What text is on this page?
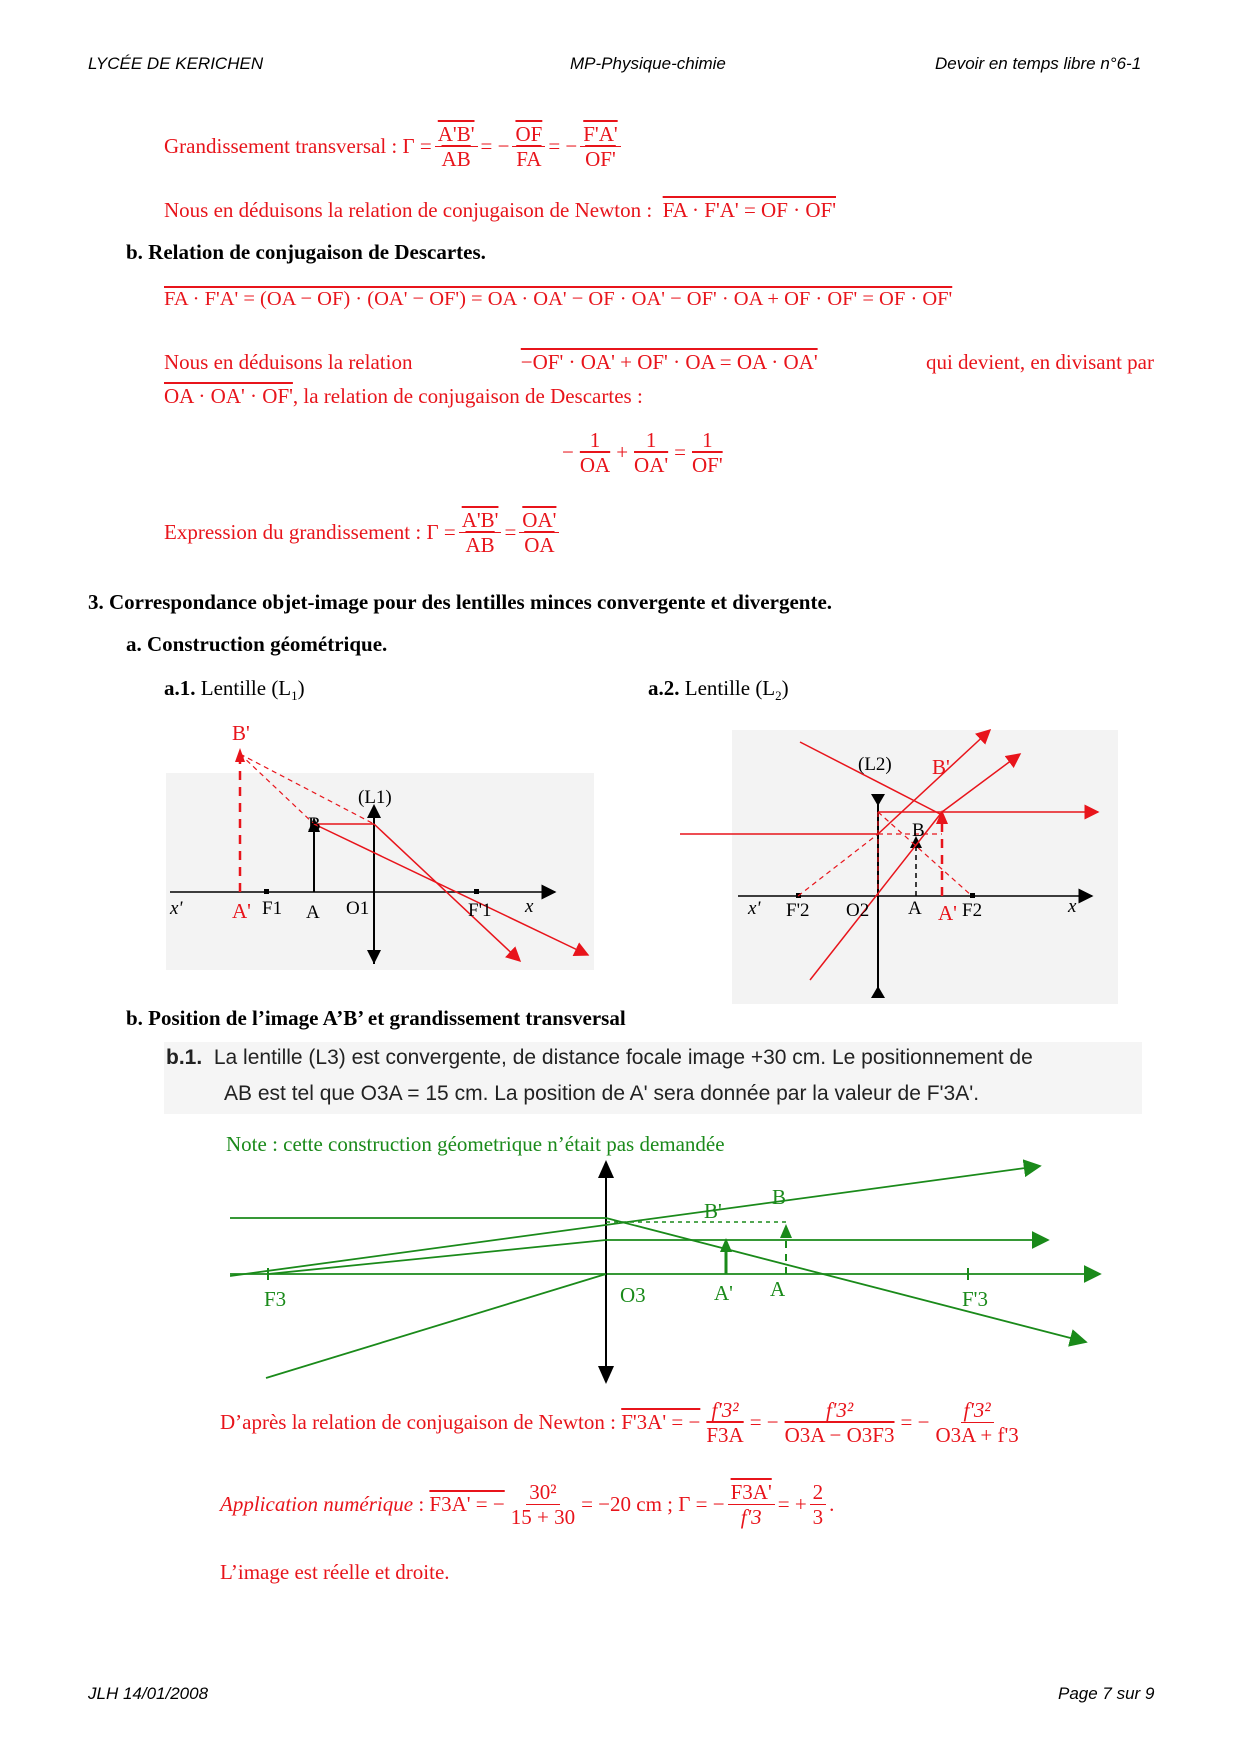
LYCÉE DE KERICHEN	MP-Physique-chimie	Devoir en temps libre n°6-1
Grandissement transversal :
$\Gamma = \frac{A'B'}{AB}$ = − $\frac{\overline{OF}}{FA}$ = − $\frac{F'A'}{OF'}$
Nous en déduisons la relation de conjugaison de Newton : FA · F'A' = OF · OF'
b. Relation de conjugaison de Descartes.
FA · F'A' = (OA − OF) · (OA' − OF') = OA · OA' − OF · OA' − OF' · OA + OF · OF' = OF · OF'
Nous en déduisons la relation	−OF' · OA' + OF' · OA = OA · OA'	qui devient, en divisant par
OA · OA' · OF', la relation de conjugaison de Descartes :
− $\frac{1}{OA} + \frac{1}{OA'} = \frac{1}{OF'}$
Expression du grandissement :
$\Gamma = \frac{A'B'}{AB} = \frac{OA'}{OA}$
3. Correspondance objet-image pour des lentilles minces convergente et divergente.
a. Construction géométrique.
a.1. Lentille $(L_1)$	a.2. Lentille $(L_2)$
B'
B
(L1)
x' A' F1 A O1	F'1 x
(L2) B'
B
x' F'2 O2 A A' F2	x
b. Position de l’image A’B’ et grandissement transversal
b.1. La lentille (L3) est convergente, de distance focale image +30 cm. Le positionnement de
AB est tel que O3A = 15 cm. La position de A' sera donnée par la valeur de F'3A'.
Note : cette construction géometrique n’était pas demandée
B'
B
F3	O3	A' A	F'3
D’après la relation de conjugaison de Newton :
F'3A' = − $\frac{\text{f'3²}}{F3A}$ = − $\frac{\text{f'3²}}{O3A - O3F3}$ = − $\frac{\text{f'3²}}{O3A + f'3}$
Application numérique
:
F3A' = − $\frac{\text{30²}}{15 + 30} = -20$ cm ;
Γ = − $\frac{F3A'}{f'3}$ = + $\frac{2}{3}$ .
L’image est réelle et droite.
JLH 14/01/2008	Page 7 sur 9
